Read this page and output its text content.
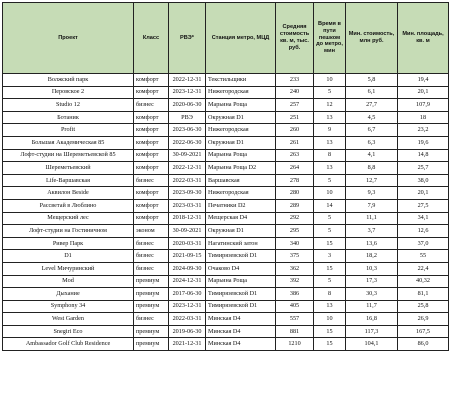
Проект	Класс	РВЭ*	Станция метро, МЦД	Средняя стоимость кв. м, тыс. руб.	Время в пути пешком до метро, мин	Мин. стоимость, млн руб.	Мин. площадь, кв. м
Волжский парк	комфорт	2022-12-31	Текстильщики	233	10	5,8	19,4
Перовское 2	комфорт	2023-12-31	Нижегородская	240	5	6,1	20,1
Studio 12	бизнес	2020-06-30	Марьина Роща	257	12	27,7	107,9
Ботаник	комфорт	РВЭ	Окружная D1	251	13	4,5	18
Profit	комфорт	2023-06-30	Нижегородская	260	9	6,7	23,2
Большая Академическая 85	комфорт	2022-06-30	Окружная D1	261	13	6,3	19,6
Лофт-студии на Шереметьевской 85	комфорт	30-09-2021	Марьина Роща	263	8	4,1	14,8
Шереметьевский	комфорт	2022-12-31	Марьина Роща D2	264	13	8,8	25,7
Life-Варшавская	бизнес	2022-03-31	Варшавская	278	5	12,7	38,0
Аквилон Beside	комфорт	2023-09-30	Нижегородская	280	10	9,3	20,1
Рассветай в Люблино	комфорт	2023-03-31	Печатники D2	289	14	7,9	27,5
Мещерский лес	комфорт	2018-12-31	Мещерская D4	292	5	11,1	34,1
Лофт-студии на Гостиничном	эконом	30-09-2021	Окружная D1	295	5	3,7	12,6
Ривер Парк	бизнес	2020-03-31	Нагатинский затон	340	15	13,6	37,0
D1	бизнес	2021-09-15	Тимирязевской D1	375	3	18,2	55
Level Мичуринский	бизнес	2024-09-30	Очаково D4	362	15	10,3	22,4
Mod	премиум	2024-12-31	Марьина Роща	392	5	17,3	40,32
Дыхание	премиум	2017-06-30	Тимирязевской D1	386	8	30,3	81,1
Symphony 34	премиум	2023-12-31	Тимирязевской D1	405	13	11,7	25,8
West Garden	бизнес	2022-03-31	Минская D4	557	10	16,8	26,9
Snegiri Eco	премиум	2019-06-30	Минская D4	881	15	117,3	167,5
Ambassador Golf Club Residence	премиум	2021-12-31	Минская D4	1210	15	104,1	86,0
